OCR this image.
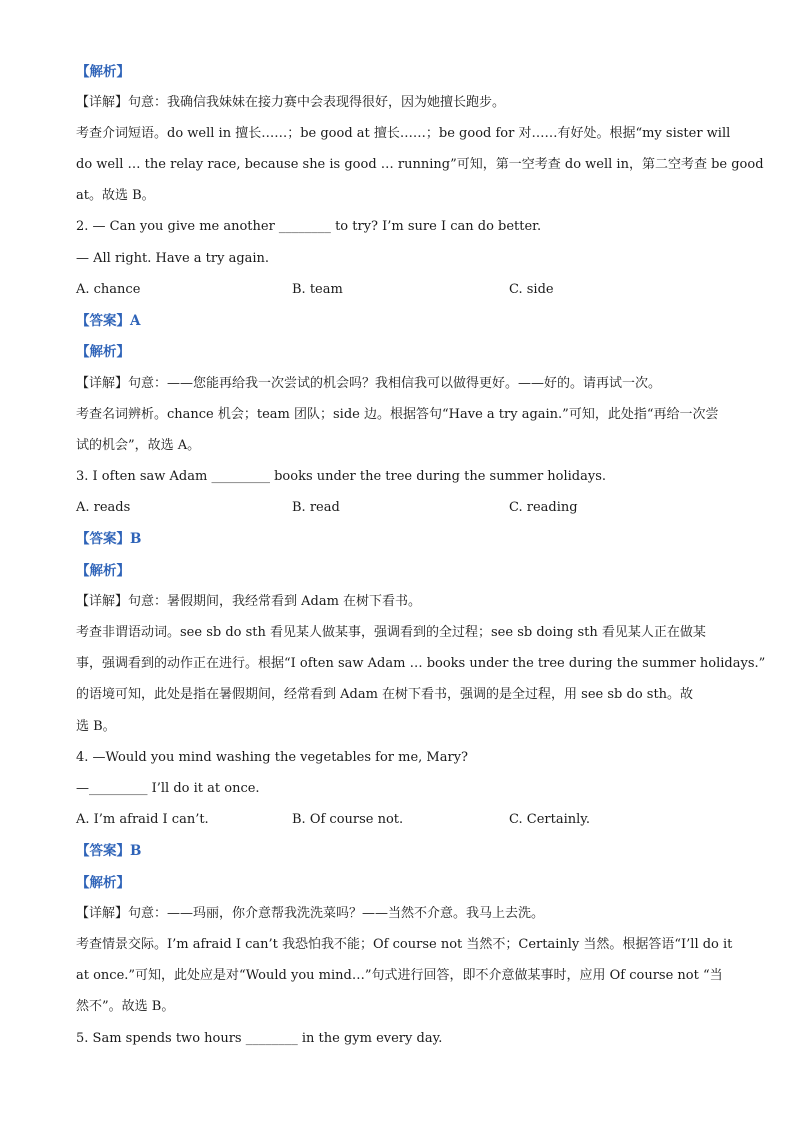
【解析】
【详解】句意：我确信我妹妹在接力赛中会表现得很好，因为她擅长跑步。
考查介词短语。do well in 擅长……；be good at 擅长……；be good for 对……有好处。根据“my sister will
do well … the relay race, because she is good … running”可知，第一空考查 do well in，第二空考查 be good
at。故选 B。
2. — Can you give me another ________ to try? I’m sure I can do better.
— All right. Have a try again.
A. chance	B. team	C. side
【答案】A
【解析】
【详解】句意：——您能再给我一次尝试的机会吗？我相信我可以做得更好。——好的。请再试一次。
考查名词辨析。chance 机会；team 团队；side 边。根据答句“Have a try again.”可知，此处指“再给一次尝
试的机会”，故选 A。
3. I often saw Adam _________ books under the tree during the summer holidays.
A. reads	B. read	C. reading
【答案】B
【解析】
【详解】句意：暑假期间，我经常看到 Adam 在树下看书。
考查非谓语动词。see sb do sth 看见某人做某事，强调看到的全过程；see sb doing sth 看见某人正在做某
事，强调看到的动作正在进行。根据“I often saw Adam … books under the tree during the summer holidays.”
的语境可知，此处是指在暑假期间，经常看到 Adam 在树下看书，强调的是全过程，用 see sb do sth。故
选 B。
4. —Would you mind washing the vegetables for me, Mary?
—_________ I’ll do it at once.
A. I’m afraid I can’t.	B. Of course not.	C. Certainly.
【答案】B
【解析】
【详解】句意：——玛丽，你介意帮我洗洗菜吗？——当然不介意。我马上去洗。
考查情景交际。I’m afraid I can’t 我恐怕我不能；Of course not 当然不；Certainly 当然。根据答语“I’ll do it
at once.”可知，此处应是对“Would you mind…”句式进行回答，即不介意做某事时，应用 Of course not “当
然不”。故选 B。
5. Sam spends two hours ________ in the gym every day.
